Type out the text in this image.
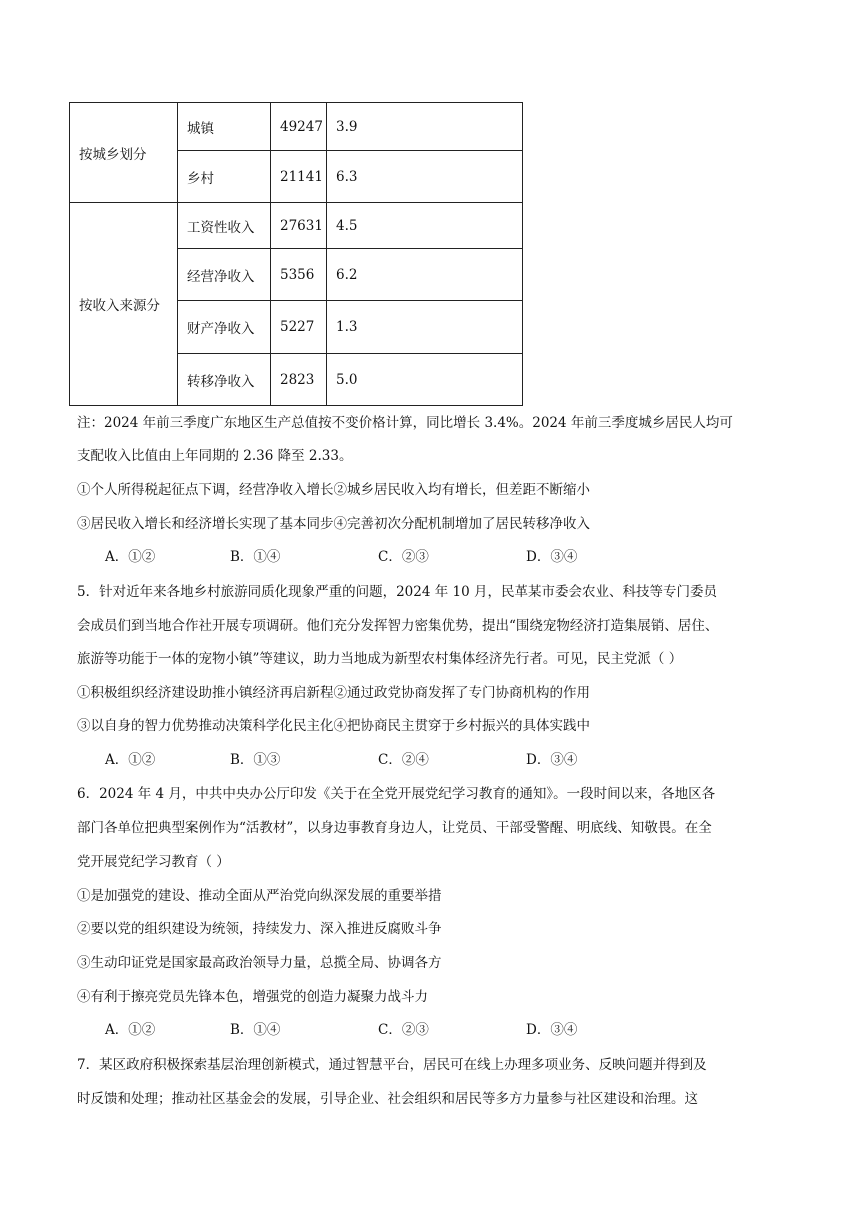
按城乡划分	城镇	49247	3.9
	乡村	21141	6.3
按收入来源分	工资性收入	27631	4.5
	经营净收入	5356	6.2
	财产净收入	5227	1.3
	转移净收入	2823	5.0
注：2024 年前三季度广东地区生产总值按不变价格计算，同比增长 3.4%。2024 年前三季度城乡居民人均可
支配收入比值由上年同期的 2.36 降至 2.33。
①个人所得税起征点下调，经营净收入增长②城乡居民收入均有增长，但差距不断缩小
③居民收入增长和经济增长实现了基本同步④完善初次分配机制增加了居民转移净收入
A．①②	B．①④	C．②③	D．③④
5．针对近年来各地乡村旅游同质化现象严重的问题，2024 年 10 月，民革某市委会农业、科技等专门委员
会成员们到当地合作社开展专项调研。他们充分发挥智力密集优势，提出“围绕宠物经济打造集展销、居住、
旅游等功能于一体的宠物小镇”等建议，助力当地成为新型农村集体经济先行者。可见，民主党派（ ）
①积极组织经济建设助推小镇经济再启新程②通过政党协商发挥了专门协商机构的作用
③以自身的智力优势推动决策科学化民主化④把协商民主贯穿于乡村振兴的具体实践中
A．①②	B．①③	C．②④	D．③④
6．2024 年 4 月，中共中央办公厅印发《关于在全党开展党纪学习教育的通知》。一段时间以来，各地区各
部门各单位把典型案例作为“活教材”，以身边事教育身边人，让党员、干部受警醒、明底线、知敬畏。在全
党开展党纪学习教育（ ）
①是加强党的建设、推动全面从严治党向纵深发展的重要举措
②要以党的组织建设为统领，持续发力、深入推进反腐败斗争
③生动印证党是国家最高政治领导力量，总揽全局、协调各方
④有利于擦亮党员先锋本色，增强党的创造力凝聚力战斗力
A．①②	B．①④	C．②③	D．③④
7．某区政府积极探索基层治理创新模式，通过智慧平台，居民可在线上办理多项业务、反映问题并得到及
时反馈和处理；推动社区基金会的发展，引导企业、社会组织和居民等多方力量参与社区建设和治理。这
